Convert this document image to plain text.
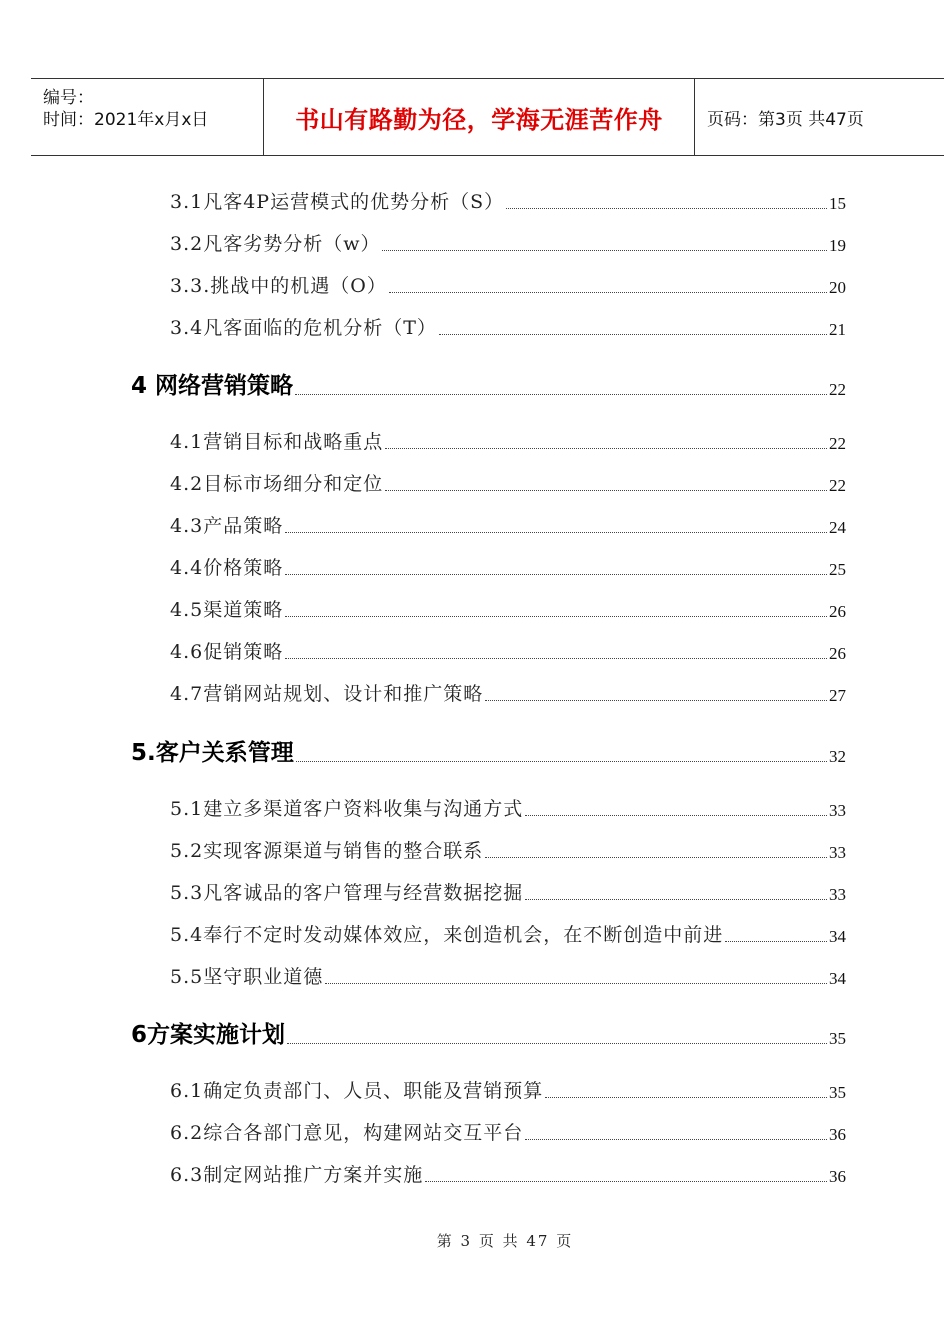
编号：
时间：2021年x月x日	书山有路勤为径，学海无涯苦作舟	页码：第3页 共47页
3.1凡客4P运营模式的优势分析（S）	15
3.2凡客劣势分析（w）	19
3.3.挑战中的机遇（O）	20
3.4凡客面临的危机分析（T）	21
4 网络营销策略	22
4.1营销目标和战略重点	22
4.2目标市场细分和定位	22
4.3产品策略	24
4.4价格策略	25
4.5渠道策略	26
4.6促销策略	26
4.7营销网站规划、设计和推广策略	27
5.客户关系管理	32
5.1建立多渠道客户资料收集与沟通方式	33
5.2实现客源渠道与销售的整合联系	33
5.3凡客诚品的客户管理与经营数据挖掘	33
5.4奉行不定时发动媒体效应，来创造机会，在不断创造中前进	34
5.5坚守职业道德	34
6方案实施计划	35
6.1确定负责部门、人员、职能及营销预算	35
6.2综合各部门意见，构建网站交互平台	36
6.3制定网站推广方案并实施	36
第 3 页 共 47 页
